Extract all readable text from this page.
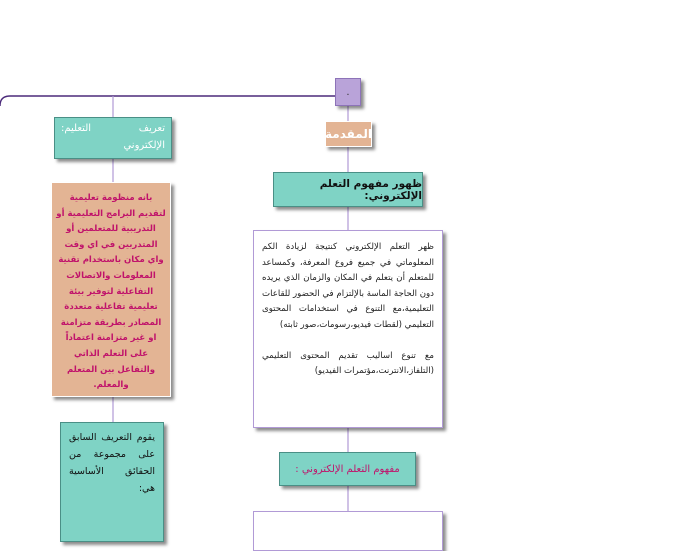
.
المقدمة
ظهور مفهوم التعلم الإلكتروني:
ظهر التعلم الإلكتروني كنتيجة لزيادة الكم المعلوماتي في جميع فروع المعرفة، وكمساعد للمتعلم أن يتعلم في المكان والزمان الذي يريده دون الحاجة الماسة بالإلتزام في الحضور للقاعات التعليمية،مع التنوع في استخدامات المحتوى التعليمي (لقطات فيديو،رسومات،صور ثابته)

مع تنوع اساليب تقديم المحتوى التعليمي (التلفاز،الانترنت،مؤتمرات الفيديو)
مفهوم التعلم الإلكتروني :
تعريف التعليم: الإلكتروني
بانه منظومة تعليمية لتقديم البرامج التعليمية أو التدريبية للمتعلمين أو المتدربين في اي وقت واي مكان باستخدام تقنية المعلومات والاتصالات التفاعلية لتوفير بيئة تعليمية تفاعلية متعددة المصادر بطريقة متزامنة او غير متزامنة اعتماداً على التعلم الذاتي والتفاعل بين المتعلم والمعلم.
يقوم التعريف السابق على مجموعة من الحقائق الأساسية هي:
